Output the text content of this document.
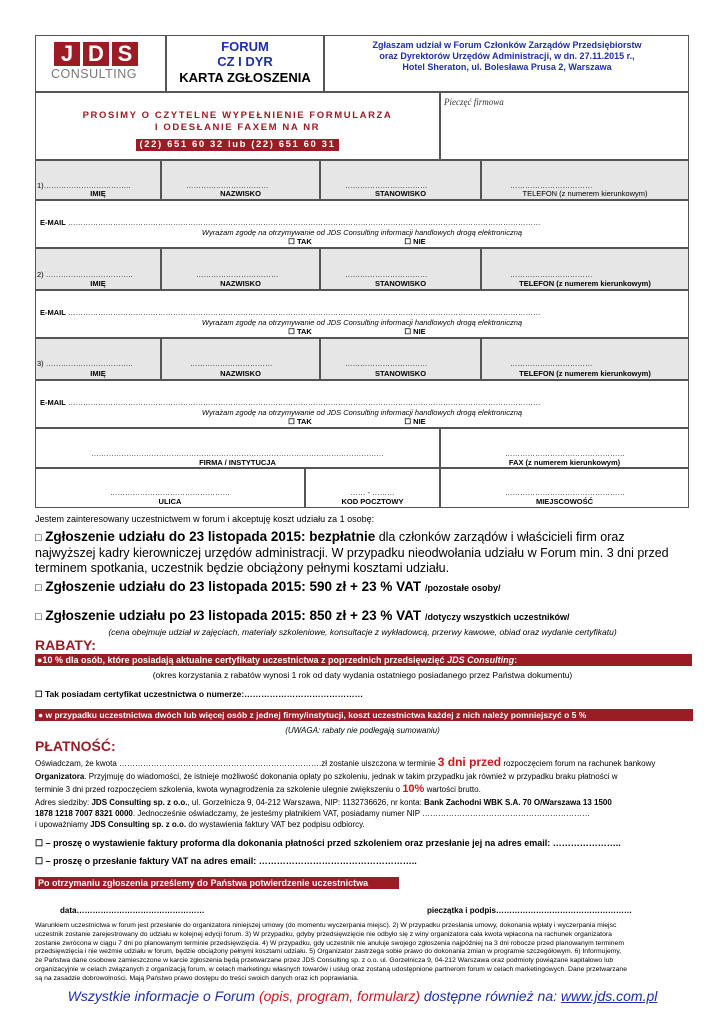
J D S
CONSULTING
FORUM
CZ I DYR
KARTA ZGŁOSZENIA
Zgłaszam udział w Forum Członków Zarządów Przedsiębiorstw
oraz Dyrektorów Urzędów Administracji, w dn. 27.11.2015 r.,
Hotel Sheraton, ul. Bolesława Prusa 2, Warszawa
PROSIMY O CZYTELNE WYPEŁNIENIE FORMULARZA
I ODESŁANIE FAXEM NA NR
(22) 651 60 32 lub (22) 651 60 31
Pieczęć firmowa
1)……………………………..	……………………………	……………………………	……………………………
IMIĘ	NAZWISKO	STANOWISKO	TELEFON (z numerem kierunkowym)
E-MAIL ………………………………………………………………………………………………………………………………………………………………………
Wyrażam zgodę na otrzymywanie od JDS Consulting informacji handlowych drogą elektroniczną
☐ TAK	☐ NIE
2) ……………………………..	……………………………	……………………………	……………………………
IMIĘ	NAZWISKO	STANOWISKO	TELEFON (z numerem kierunkowym)
E-MAIL ………………………………………………………………………………………………………………………………………………………………………
Wyrażam zgodę na otrzymywanie od JDS Consulting informacji handlowych drogą elektroniczną
☐ TAK	☐ NIE
3) ……………………………..	……………………………	……………………………	……………………………
IMIĘ	NAZWISKO	STANOWISKO	TELEFON (z numerem kierunkowym)
E-MAIL ………………………………………………………………………………………………………………………………………………………………………
Wyrażam zgodę na otrzymywanie od JDS Consulting informacji handlowych drogą elektroniczną
☐ TAK	☐ NIE
………………………………………………………………………………………………………	…………………………………………
FIRMA / INSTYTUCJA	FAX (z numerem kierunkowym)
…………………………………………	…… - ………	…………………………………………
ULICA	KOD POCZTOWY	MIEJSCOWOŚĆ
Jestem zainteresowany uczestnictwem w forum i akceptuję koszt udziału za 1 osobę:
□ Zgłoszenie udziału do 23 listopada 2015: bezpłatnie dla członków zarządów i właścicieli firm oraz
najwyższej kadry kierowniczej urzędów administracji. W przypadku nieodwołania udziału w Forum min. 3 dni przed
terminem spotkania, uczestnik będzie obciążony pełnymi kosztami udziału.
□ Zgłoszenie udziału do 23 listopada 2015: 590 zł + 23 % VAT /pozostałe osoby/
□ Zgłoszenie udziału po 23 listopada 2015: 850 zł + 23 % VAT /dotyczy wszystkich uczestników/
(cena obejmuje udział w zajęciach, materiały szkoleniowe, konsultacje z wykładowcą, przerwy kawowe, obiad oraz wydanie certyfikatu)
RABATY:
●10 % dla osób, które posiadają aktualne certyfikaty uczestnictwa z poprzednich przedsięwzięć JDS Consulting:
(okres korzystania z rabatów wynosi 1 rok od daty wydania ostatniego posiadanego przez Państwa dokumentu)
☐ Tak posiadam certyfikat uczestnictwa o numerze:……………………………………
● w przypadku uczestnictwa dwóch lub więcej osób z jednej firmy/instytucji, koszt uczestnictwa każdej z nich należy pomniejszyć o 5 %
(UWAGA: rabaty nie podlegają sumowaniu)
PŁATNOŚĆ:
Oświadczam, że kwota ………………………………………………………………….zł zostanie uiszczona w terminie 3 dni przed rozpoczęciem forum na rachunek bankowy
Organizatora. Przyjmuję do wiadomości, że istnieje możliwość dokonania opłaty po szkoleniu, jednak w takim przypadku jak również w przypadku braku płatności w
terminie 3 dni przed rozpoczęciem szkolenia, kwota wynagrodzenia za szkolenie ulegnie zwiększeniu o 10% wartości brutto.
Adres siedziby: JDS Consulting sp. z o.o., ul. Gorzelnicza 9, 04-212 Warszawa, NIP: 1132736626, nr konta: Bank Zachodni WBK S.A. 70 O/Warszawa 13 1500
1878 1218 7007 8321 0000. Jednocześnie oświadczamy, że jesteśmy płatnikiem VAT, posiadamy numer NIP ………………………………………………………
i upoważniamy JDS Consulting sp. z o.o. do wystawienia faktury VAT bez podpisu odbiorcy.
☐ – proszę o wystawienie faktury proforma dla dokonania płatności przed szkoleniem oraz przesłanie jej na adres email: …………………..
☐ – proszę o przesłanie faktury VAT na adres email: ……………………………………………..
Po otrzymaniu zgłoszenia prześlemy do Państwa potwierdzenie uczestnictwa
data…………………………………………	pieczątka i podpis……………………………………………
Warunkiem uczestnictwa w forum jest przesłanie do organizatora niniejszej umowy (do momentu wyczerpania miejsc). 2) W przypadku przesłania umowy, dokonania wpłaty i wyczerpania miejsc
uczestnik zostanie zarejestrowany do udziału w kolejnej edycji forum. 3) W przypadku, gdyby przedsięwzięcie nie odbyło się z winy organizatora cała kwota wpłacona na rachunek organizatora
zostanie zwrócona w ciągu 7 dni po planowanym terminie przedsięwzięcia. 4) W przypadku, gdy uczestnik nie anuluje swojego zgłoszenia najpóźniej na 3 dni robocze przed planowanym terminem
przedsięwzięcia i nie weźmie udziału w forum, będzie obciążony pełnymi kosztami udziału. 5) Organizator zastrzega sobie prawo do dokonania zmian w programie szczegółowym. 6) Informujemy,
że Państwa dane osobowe zamieszczone w karcie zgłoszenia będą przetwarzane przez JDS Consulting sp. z o.o. ul. Gorzelnicza 9, 04-212 Warszawa oraz podmioty powiązane kapitałowo lub
organizacyjnie w celach związanych z organizacją forum, w celach marketingu własnych towarów i usług oraz zostaną udostępnione partnerom forum w celach marketingowych. Dane przetwarzane
są na zasadzie dobrowolności. Mają Państwo prawo dostępu do treści swoich danych oraz ich poprawiania.
Wszystkie informacje o Forum (opis, program, formularz) dostępne również na: www.jds.com.pl
